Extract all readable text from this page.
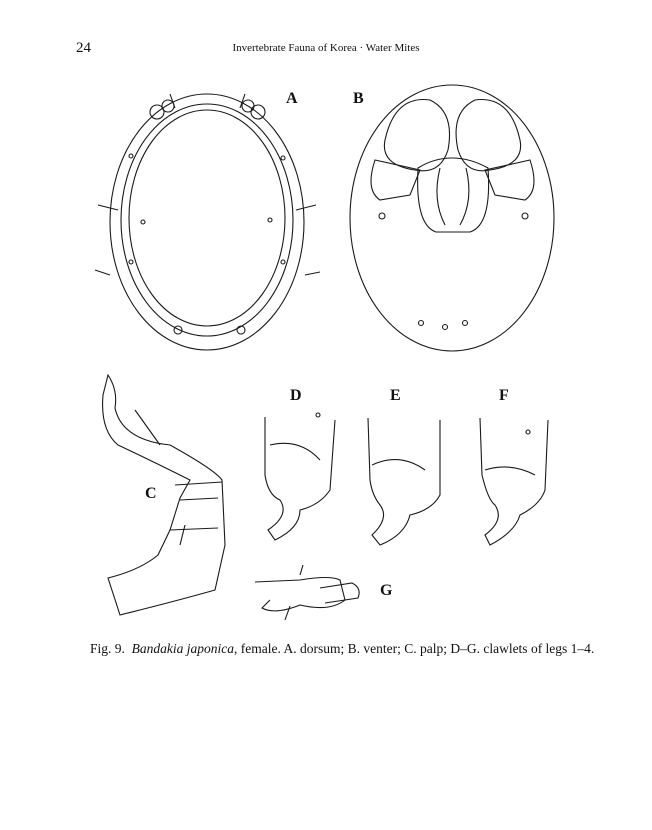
24	Invertebrate Fauna of Korea · Water Mites
A	B
C
D	E	F
G
Fig. 9. Bandakia japonica, female. A. dorsum; B. venter; C. palp; D–G. clawlets of legs 1–4.
